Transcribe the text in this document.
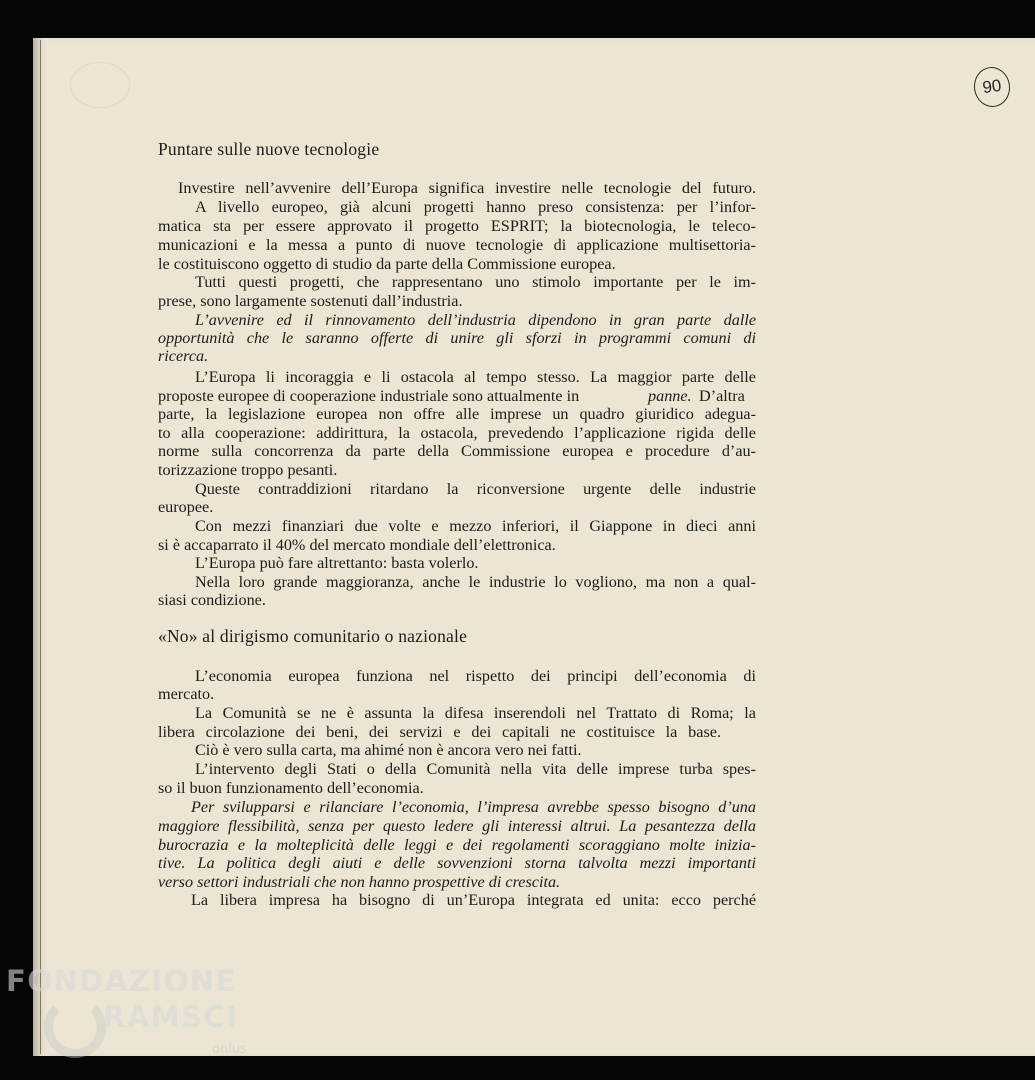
90
Puntare sulle nuove tecnologie
Investire nell’avvenire dell’Europa significa investire nelle tecnologie del futuro.
A livello europeo, già alcuni progetti hanno preso consistenza: per l’infor-
matica sta per essere approvato il progetto ESPRIT; la biotecnologia, le teleco-
municazioni e la messa a punto di nuove tecnologie di applicazione multisettoria-
le costituiscono oggetto di studio da parte della Commissione europea.
Tutti questi progetti, che rappresentano uno stimolo importante per le im-
prese, sono largamente sostenuti dall’industria.
L’avvenire ed il rinnovamento dell’industria dipendono in gran parte dalle
opportunità che le saranno offerte di unire gli sforzi in programmi comuni di
ricerca.
L’Europa li incoraggia e li ostacola al tempo stesso. La maggior parte delle
proposte europee di cooperazione industriale sono attualmente in	panne. D’altra
parte, la legislazione europea non offre alle imprese un quadro giuridico adegua-
to alla cooperazione: addirittura, la ostacola, prevedendo l’applicazione rigida delle
norme sulla concorrenza da parte della Commissione europea e procedure d’au-
torizzazione troppo pesanti.
Queste contraddizioni ritardano la riconversione urgente delle industrie
europee.
Con mezzi finanziari due volte e mezzo inferiori, il Giappone in dieci anni
si è accaparrato il 40% del mercato mondiale dell’elettronica.
L’Europa può fare altrettanto: basta volerlo.
Nella loro grande maggioranza, anche le industrie lo vogliono, ma non a qual-
siasi condizione.
«No» al dirigismo comunitario o nazionale
L’economia europea funziona nel rispetto dei principi dell’economia di
mercato.
La Comunità se ne è assunta la difesa inserendoli nel Trattato di Roma; la
libera circolazione dei beni, dei servizi e dei capitali ne costituisce la base.
Ciò è vero sulla carta, ma ahimé non è ancora vero nei fatti.
L’intervento degli Stati o della Comunità nella vita delle imprese turba spes-
so il buon funzionamento dell’economia.
Per svilupparsi e rilanciare l’economia, l’impresa avrebbe spesso bisogno d’una
maggiore flessibilità, senza per questo ledere gli interessi altrui. La pesantezza della
burocrazia e la molteplicità delle leggi e dei regolamenti scoraggiano molte inizia-
tive. La politica degli aiuti e delle sovvenzioni storna talvolta mezzi importanti
verso settori industriali che non hanno prospettive di crescita.
La libera impresa ha bisogno di un’Europa integrata ed unita: ecco perché
FONDAZIONE
RAMSCI
onlus
